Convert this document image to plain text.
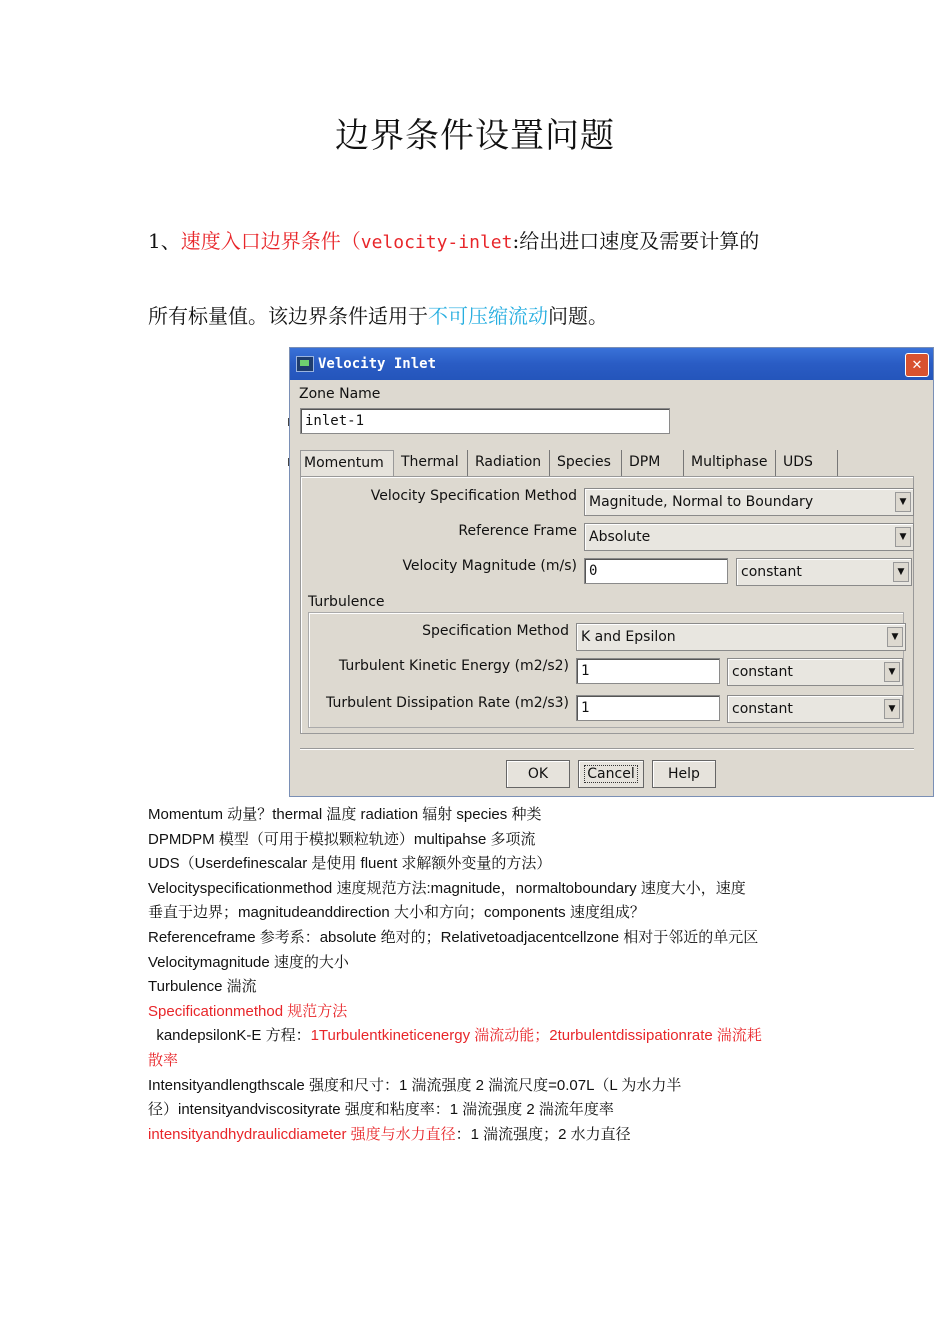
边界条件设置问题
1、速度入口边界条件（velocity-inlet:给出进口速度及需要计算的
所有标量值。该边界条件适用于不可压缩流动问题。
Velocity Inlet	✕
Zone Name
inlet-1
Momentum	Thermal	Radiation	Species	DPM	Multiphase	UDS
Velocity Specification Method Magnitude, Normal to Boundary	▼
Reference Frame Absolute	▼
Velocity Magnitude (m/s) 0	constant	▼
Turbulence
Specification Method K and Epsilon	▼
Turbulent Kinetic Energy (m2/s2) 1	constant	▼
Turbulent Dissipation Rate (m2/s3) 1	constant	▼
OK	Cancel	Help
Momentum 动量？thermal 温度 radiation 辐射 species 种类
DPMDPM 模型（可用于模拟颗粒轨迹）multipahse 多项流
UDS（Userdefinescalar 是使用 fluent 求解额外变量的方法）
Velocityspecificationmethod 速度规范方法:magnitude，normaltoboundary 速度大小，速度
垂直于边界；magnitudeanddirection 大小和方向；components 速度组成？
Referenceframe 参考系：absolute 绝对的；Relativetoadjacentcellzone 相对于邻近的单元区
Velocitymagnitude 速度的大小
Turbulence 湍流
Specificationmethod 规范方法
kandepsilonK-E 方程：1Turbulentkineticenergy 湍流动能；2turbulentdissipationrate 湍流耗
散率
Intensityandlengthscale 强度和尺寸：1 湍流强度 2 湍流尺度=0.07L（L 为水力半
径）intensityandviscosityrate 强度和粘度率：1 湍流强度 2 湍流年度率
intensityandhydraulicdiameter 强度与水力直径：1 湍流强度；2 水力直径
